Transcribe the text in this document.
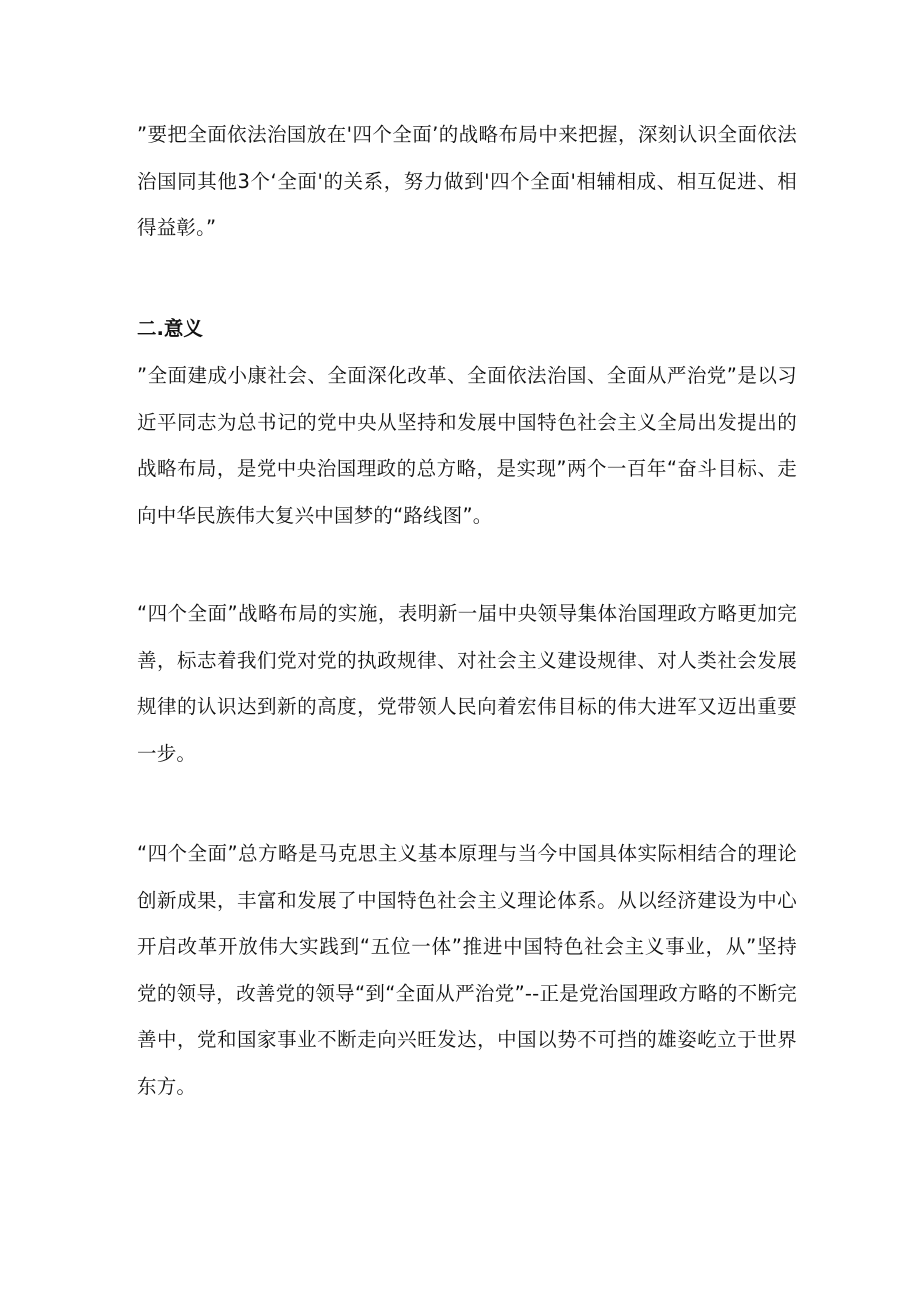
”要把全面依法治国放在'四个全面’的战略布局中来把握，深刻认识全面依法治国同其他3个‘全面'的关系，努力做到'四个全面'相辅相成、相互促进、相得益彰。”

二.意义

”全面建成小康社会、全面深化改革、全面依法治国、全面从严治党”是以习近平同志为总书记的党中央从坚持和发展中国特色社会主义全局出发提出的战略布局，是党中央治国理政的总方略，是实现”两个一百年“奋斗目标、走向中华民族伟大复兴中国梦的“路线图”。

“四个全面”战略布局的实施，表明新一届中央领导集体治国理政方略更加完善，标志着我们党对党的执政规律、对社会主义建设规律、对人类社会发展规律的认识达到新的高度，党带领人民向着宏伟目标的伟大进军又迈出重要一步。

“四个全面”总方略是马克思主义基本原理与当今中国具体实际相结合的理论创新成果，丰富和发展了中国特色社会主义理论体系。从以经济建设为中心开启改革开放伟大实践到“五位一体”推进中国特色社会主义事业，从”坚持党的领导，改善党的领导“到“全面从严治党”--正是党治国理政方略的不断完善中，党和国家事业不断走向兴旺发达，中国以势不可挡的雄姿屹立于世界东方。
